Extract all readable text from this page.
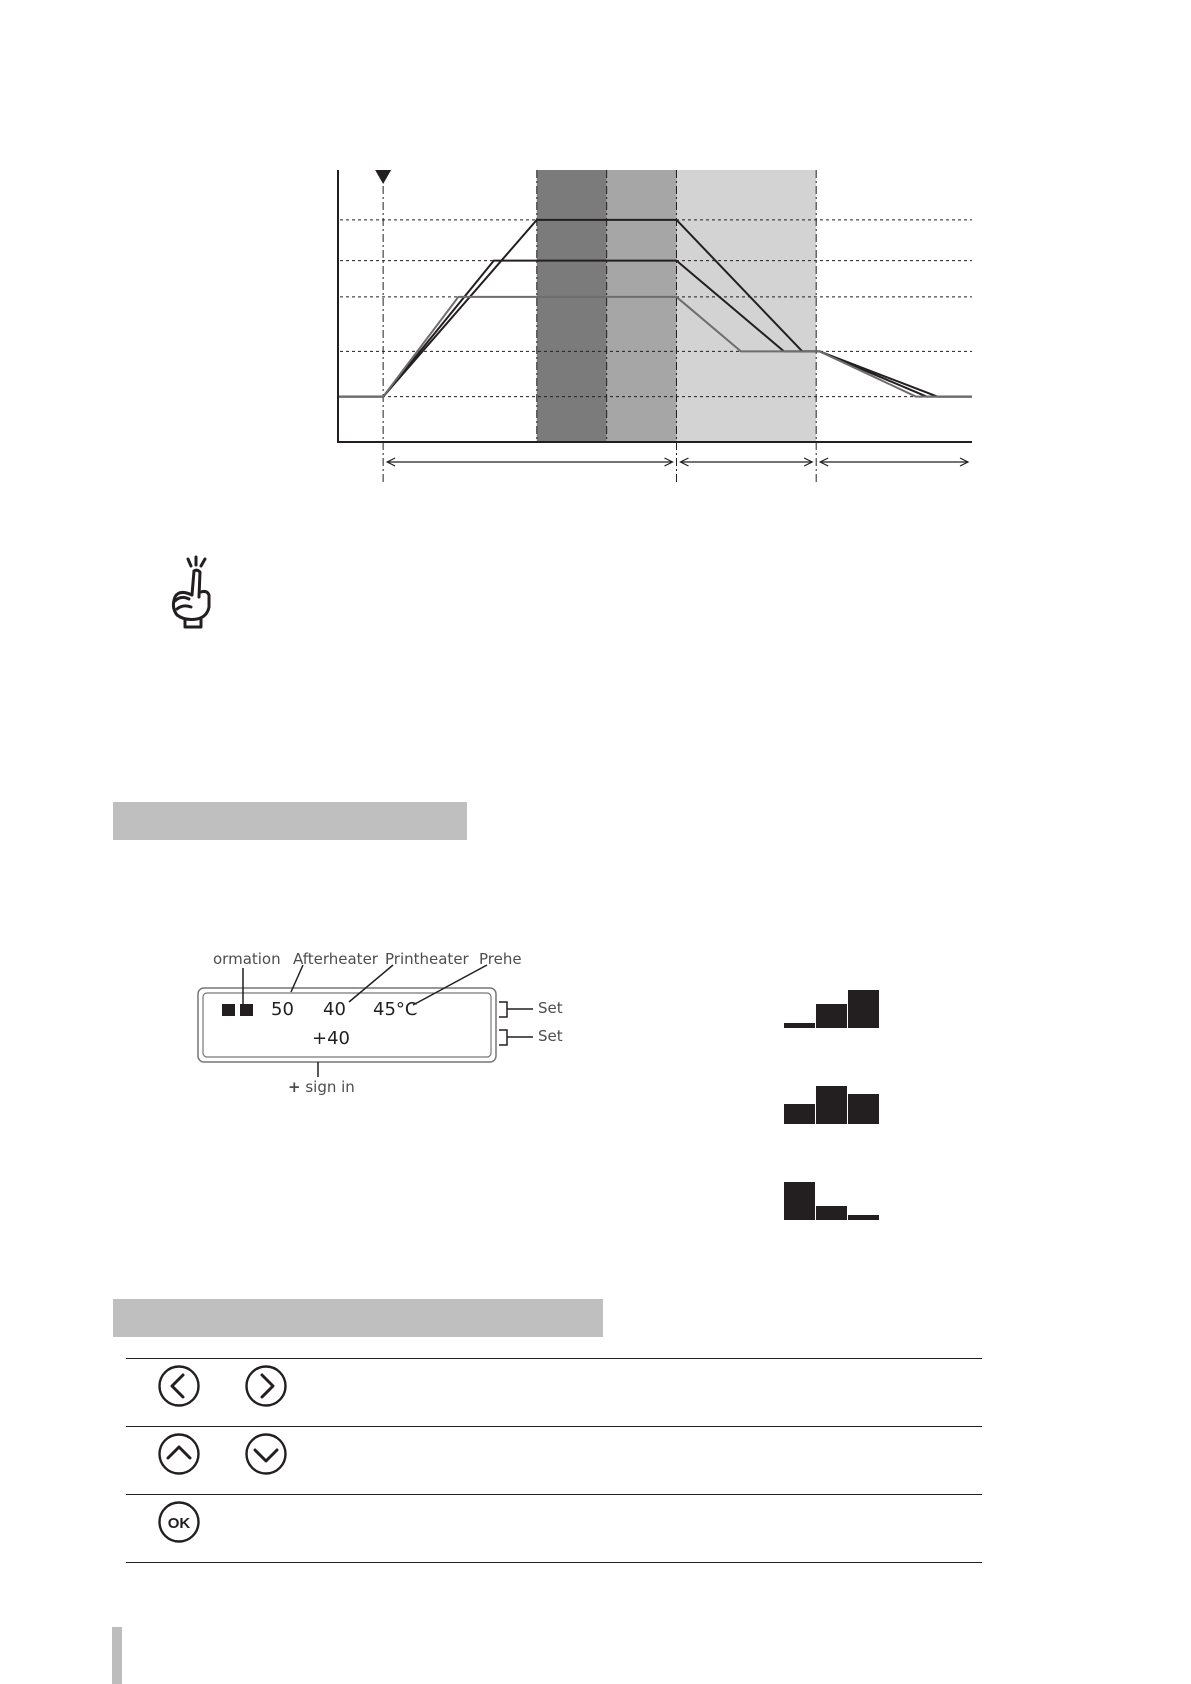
ormation Afterheater Printheater Prehe
Set
Set
+ sign in
50 40 45°C
+40
OK
